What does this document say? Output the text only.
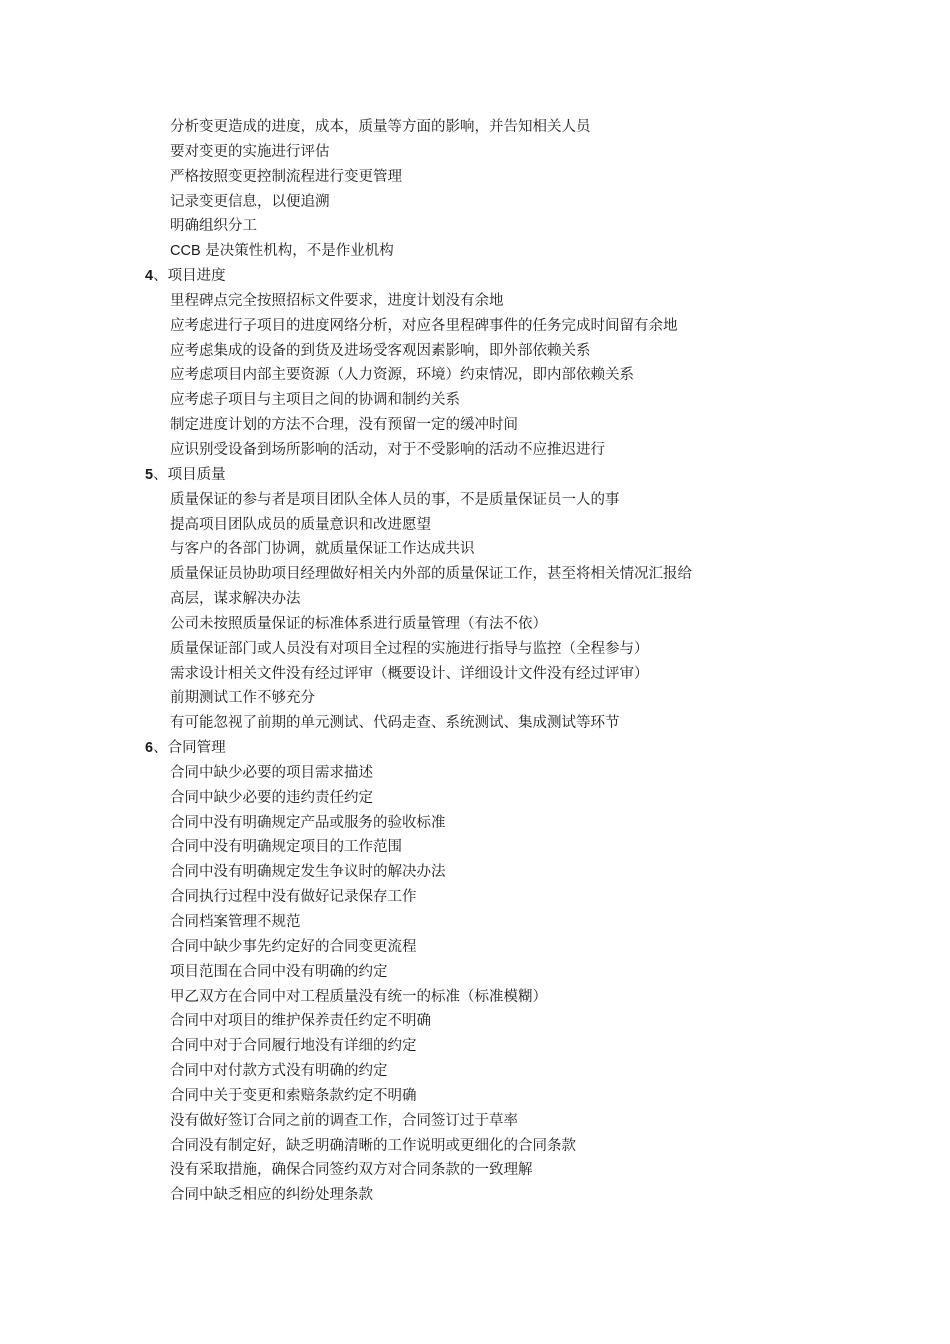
分析变更造成的进度，成本，质量等方面的影响，并告知相关人员
要对变更的实施进行评估
严格按照变更控制流程进行变更管理
记录变更信息，以便追溯
明确组织分工
CCB 是决策性机构，不是作业机构
4、项目进度
里程碑点完全按照招标文件要求，进度计划没有余地
应考虑进行子项目的进度网络分析，对应各里程碑事件的任务完成时间留有余地
应考虑集成的设备的到货及进场受客观因素影响，即外部依赖关系
应考虑项目内部主要资源（人力资源，环境）约束情况，即内部依赖关系
应考虑子项目与主项目之间的协调和制约关系
制定进度计划的方法不合理，没有预留一定的缓冲时间
应识别受设备到场所影响的活动，对于不受影响的活动不应推迟进行
5、项目质量
质量保证的参与者是项目团队全体人员的事，不是质量保证员一人的事
提高项目团队成员的质量意识和改进愿望
与客户的各部门协调，就质量保证工作达成共识
质量保证员协助项目经理做好相关内外部的质量保证工作，甚至将相关情况汇报给
高层，谋求解决办法
公司未按照质量保证的标准体系进行质量管理（有法不依）
质量保证部门或人员没有对项目全过程的实施进行指导与监控（全程参与）
需求设计相关文件没有经过评审（概要设计、详细设计文件没有经过评审）
前期测试工作不够充分
有可能忽视了前期的单元测试、代码走查、系统测试、集成测试等环节
6、合同管理
合同中缺少必要的项目需求描述
合同中缺少必要的违约责任约定
合同中没有明确规定产品或服务的验收标准
合同中没有明确规定项目的工作范围
合同中没有明确规定发生争议时的解决办法
合同执行过程中没有做好记录保存工作
合同档案管理不规范
合同中缺少事先约定好的合同变更流程
项目范围在合同中没有明确的约定
甲乙双方在合同中对工程质量没有统一的标准（标准模糊）
合同中对项目的维护保养责任约定不明确
合同中对于合同履行地没有详细的约定
合同中对付款方式没有明确的约定
合同中关于变更和索赔条款约定不明确
没有做好签订合同之前的调查工作，合同签订过于草率
合同没有制定好，缺乏明确清晰的工作说明或更细化的合同条款
没有采取措施，确保合同签约双方对合同条款的一致理解
合同中缺乏相应的纠纷处理条款
